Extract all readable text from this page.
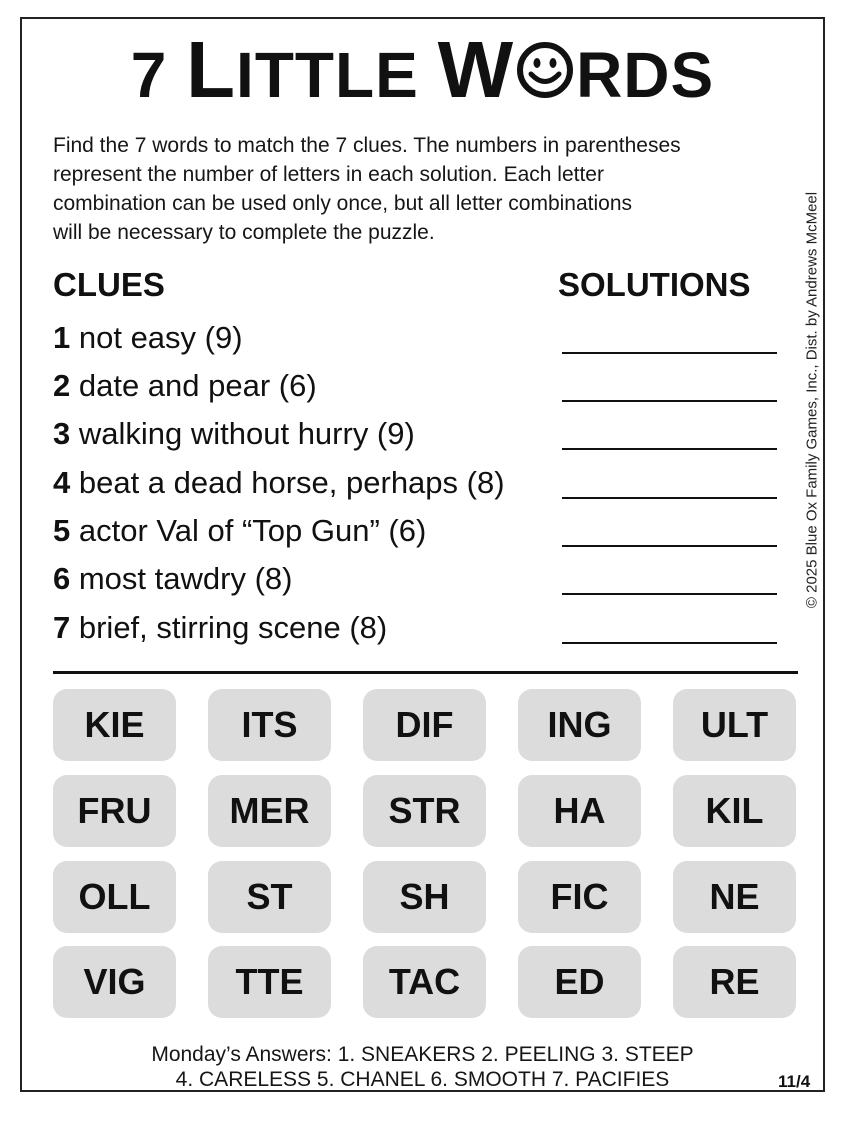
7 LITTLE W RDS
Find the 7 words to match the 7 clues. The numbers in parentheses
represent the number of letters in each solution. Each letter
combination can be used only once, but all letter combinations
will be necessary to complete the puzzle.	© 2025 Blue Ox Family Games, Inc., Dist. by Andrews McMeel
CLUES	SOLUTIONS
1 not easy (9)
2 date and pear (6)
3 walking without hurry (9)
4 beat a dead horse, perhaps (8)
5 actor Val of “Top Gun” (6)
6 most tawdry (8)
7 brief, stirring scene (8)
KIE	ITS	DIF	ING	ULT
FRU	MER	STR	HA	KIL
OLL	ST	SH	FIC	NE
VIG	TTE	TAC	ED	RE
Monday’s Answers: 1. SNEAKERS 2. PEELING 3. STEEP
4. CARELESS 5. CHANEL 6. SMOOTH 7. PACIFIES	11/4
